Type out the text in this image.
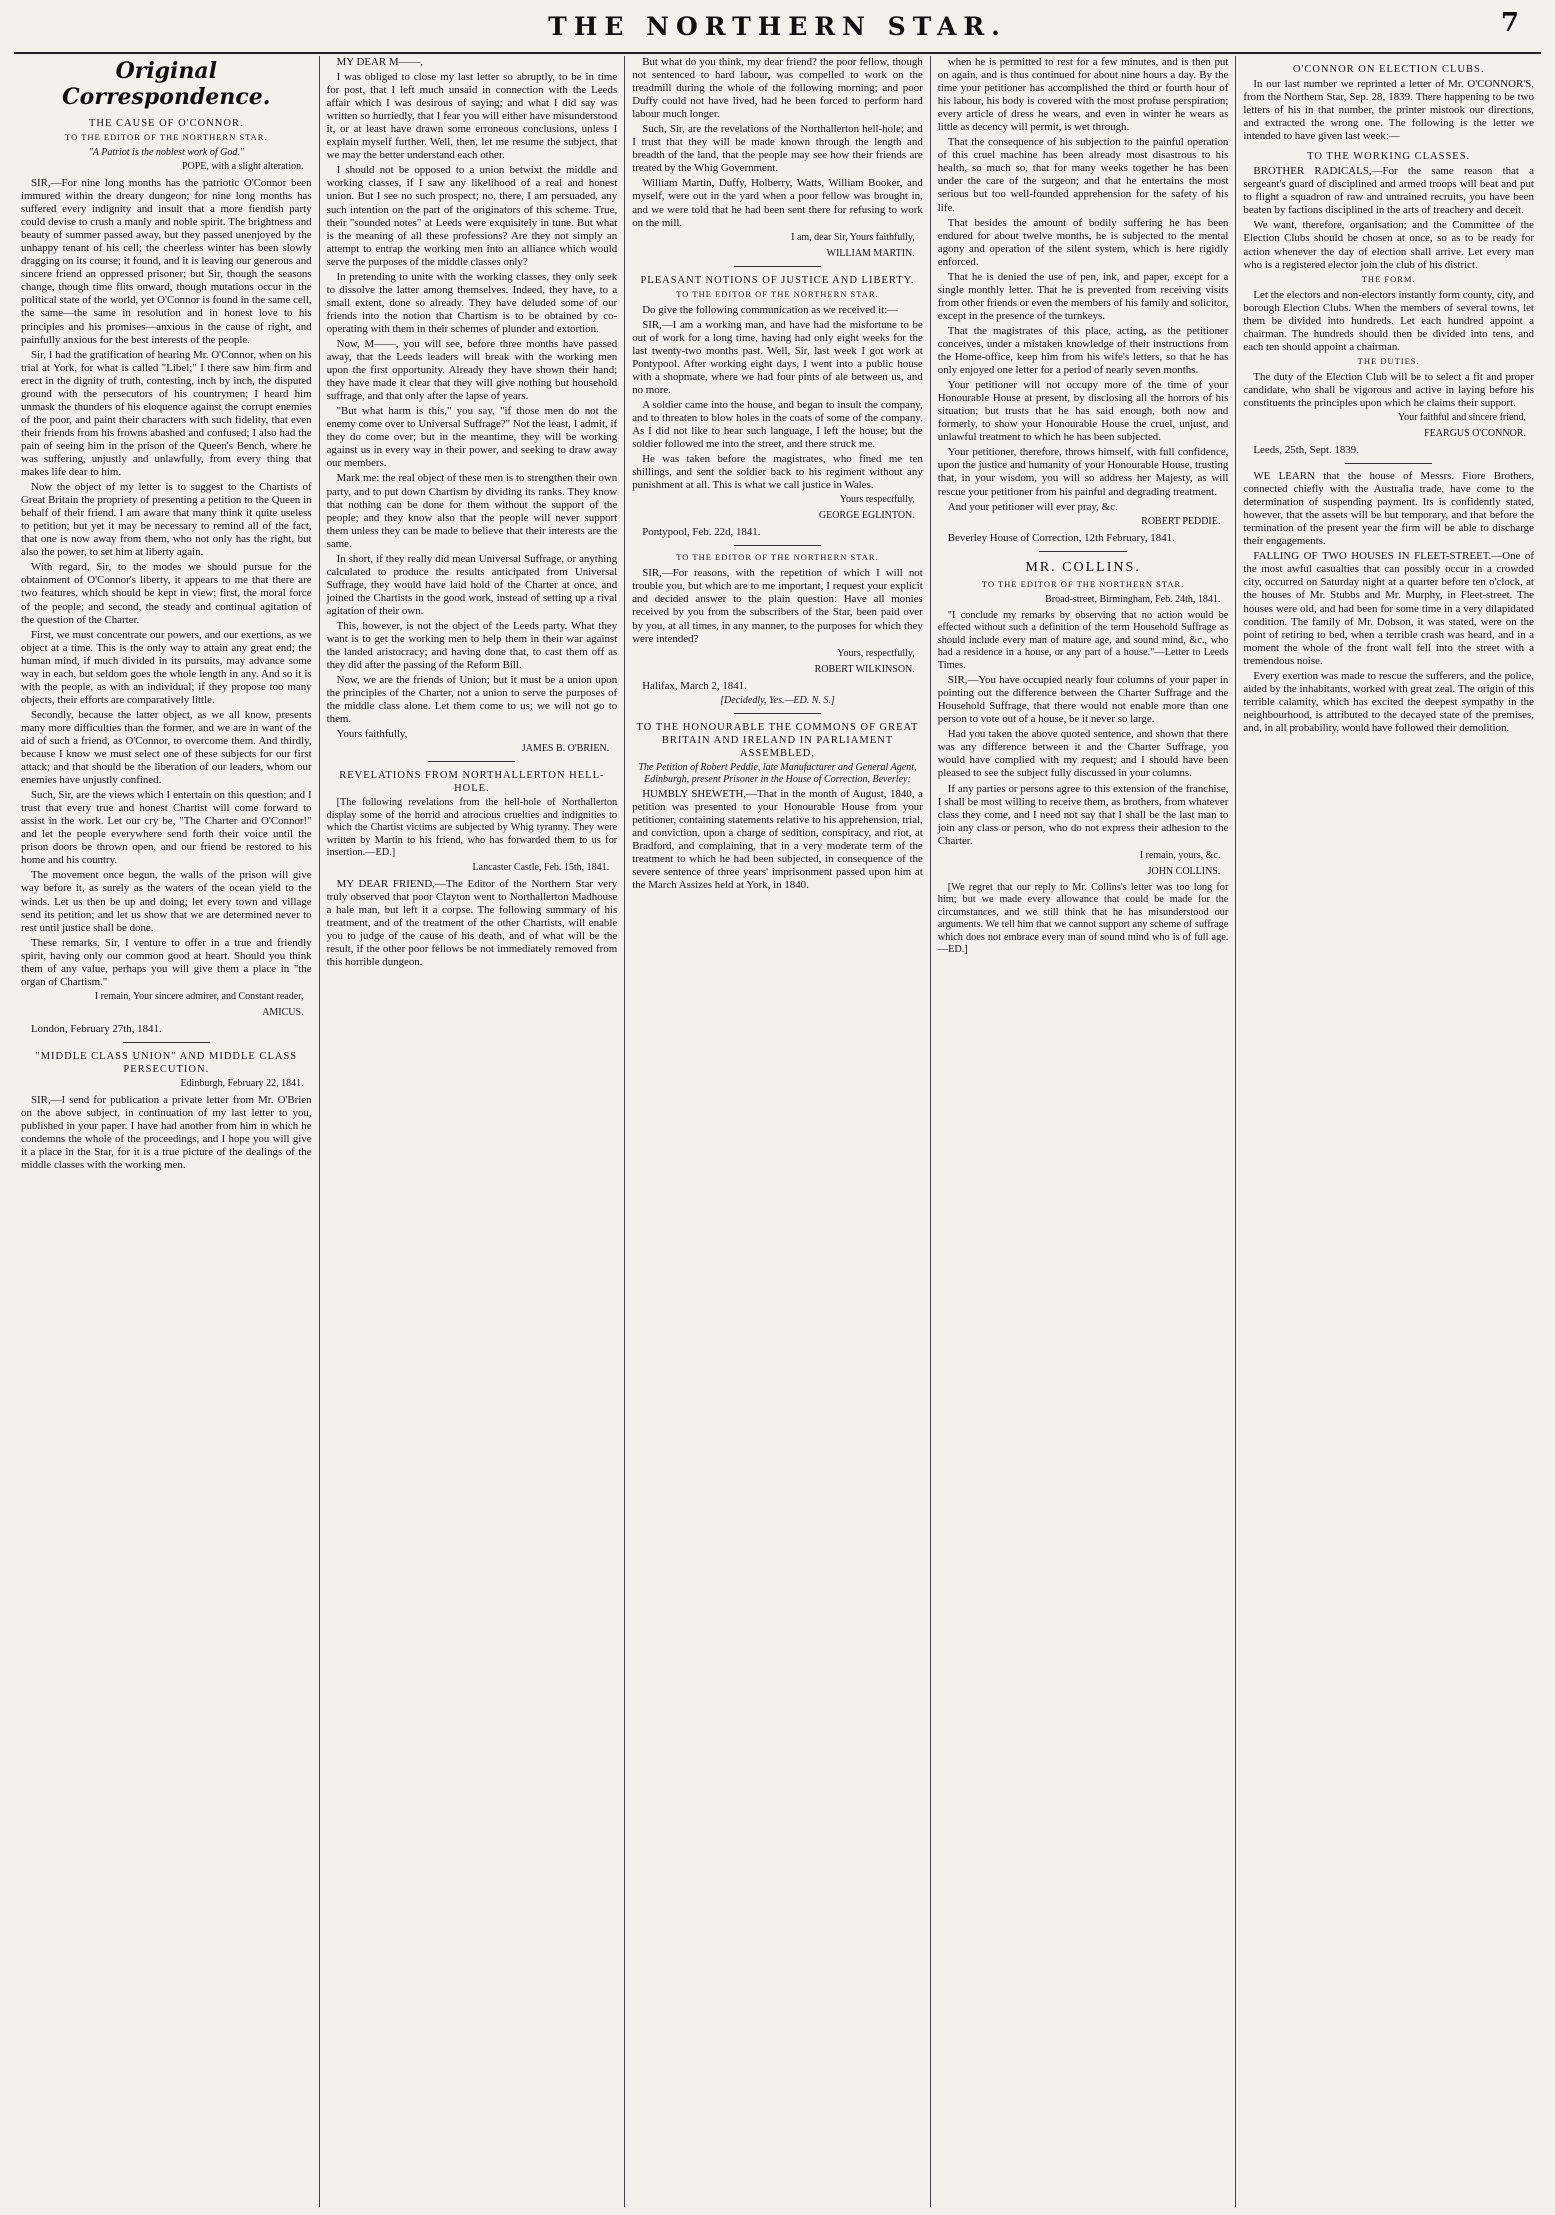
THE NORTHERN STAR.	7
Original Correspondence.
THE CAUSE OF O'CONNOR.
TO THE EDITOR OF THE NORTHERN STAR.
"A Patriot is the noblest work of God."
POPE, with a slight alteration.

SIR,—For nine long months has the patriotic O'Connor been immured within the dreary dungeon; for nine long months has suffered every indignity and insult that a more fiendish party could devise to crush a manly and noble spirit. The brightness and beauty of summer passed away, but they passed unenjoyed by the unhappy tenant of his cell; the cheerless winter has been slowly dragging on its course; it found, and it is leaving our generous and sincere friend an oppressed prisoner; but Sir, though the seasons change, though time flits onward, though mutations occur in the political state of the world, yet O'Connor is found in the same cell, the same—the same in resolution and in honest love to his principles and his promises—anxious in the cause of right, and painfully anxious for the best interests of the people.

Sir, I had the gratification of hearing Mr. O'Connor, when on his trial at York, for what is called "Libel;" I there saw him firm and erect in the dignity of truth, contesting, inch by inch, the disputed ground with the persecutors of his countrymen; I heard him unmask the thunders of his eloquence against the corrupt enemies of the poor, and paint their characters with such fidelity, that even their friends from his frowns abashed and confused; I also had the pain of seeing him in the prison of the Queen's Bench, where he was suffering, unjustly and unlawfully, from every thing that makes life dear to him.

Now the object of my letter is to suggest to the Chartists of Great Britain the propriety of presenting a petition to the Queen in behalf of their friend. I am aware that many think it quite useless to petition; but yet it may be necessary to remind all of the fact, that one is now away from them, who not only has the right, but also the power, to set him at liberty again.

With regard, Sir, to the modes we should pursue for the obtainment of O'Connor's liberty, it appears to me that there are two features, which should be kept in view; first, the moral force of the people; and second, the steady and continual agitation of the question of the Charter.

First, we must concentrate our powers, and our exertions, as we object at a time. This is the only way to attain any great end; the human mind, if much divided in its pursuits, may advance some way in each, but seldom goes the whole length in any. And so it is with the people, as with an individual; if they propose too many objects, their efforts are comparatively little.

Secondly, because the latter object, as we all know, presents many more difficulties than the former, and we are in want of the aid of such a friend, as O'Connor, to overcome them. And thirdly, because I know we must select one of these subjects for our first attack; and that should be the liberation of our leaders, whom our enemies have unjustly confined.

Such, Sir, are the views which I entertain on this question; and I trust that every true and honest Chartist will come forward to assist in the work. Let our cry be, "The Charter and O'Connor!" and let the people everywhere send forth their voice until the prison doors be thrown open, and our friend be restored to his home and his country.

The movement once begun, the walls of the prison will give way before it, as surely as the waters of the ocean yield to the winds. Let us then be up and doing; let every town and village send its petition; and let us show that we are determined never to rest until justice shall be done.

These remarks, Sir, I venture to offer in a true and friendly spirit, having only our common good at heart. Should you think them of any value, perhaps you will give them a place in "the organ of Chartism."

I remain, Your sincere admirer, and Constant reader,
AMICUS.

London, February 27th, 1841.

"MIDDLE CLASS UNION" AND MIDDLE CLASS PERSECUTION.
Edinburgh, February 22, 1841.

SIR,—I send for publication a private letter from Mr. O'Brien on the above subject, in continuation of my last letter to you, published in your paper. I have had another from him in which he condemns the whole of the proceedings, and I hope you will give it a place in the Star, for it is a true picture of the dealings of the middle classes with the working men.

MY DEAR M——,

I was obliged to close my last letter so abruptly, to be in time for post, that I left much unsaid in connection with the Leeds affair which I was desirous of saying; and what I did say was written so hurriedly, that I fear you will either have misunderstood it, or at least have drawn some erroneous conclusions, unless I explain myself further. Well, then, let me resume the subject, that we may the better understand each other.

I should not be opposed to a union betwixt the middle and working classes, if I saw any likelihood of a real and honest union. But I see no such prospect; no, there, I am persuaded, any such intention on the part of the originators of this scheme. True, their "sounded notes" at Leeds were exquisitely in tune. But what is the meaning of all these professions? Are they not simply an attempt to entrap the working men into an alliance which would serve the purposes of the middle classes only?

In pretending to unite with the working classes, they only seek to dissolve the latter among themselves. Indeed, they have, to a small extent, done so already. They have deluded some of our friends into the notion that Chartism is to be obtained by co-operating with them in their schemes of plunder and extortion.

Now, M——, you will see, before three months have passed away, that the Leeds leaders will break with the working men upon the first opportunity. Already they have shown their hand; they have made it clear that they will give nothing but household suffrage, and that only after the lapse of years.

"But what harm is this," you say, "if those men do not the enemy come over to Universal Suffrage?" Not the least, I admit, if they do come over; but in the meantime, they will be working against us in every way in their power, and seeking to draw away our members.

Mark me: the real object of these men is to strengthen their own party, and to put down Chartism by dividing its ranks. They know that nothing can be done for them without the support of the people; and they know also that the people will never support them unless they can be made to believe that their interests are the same.

In short, if they really did mean Universal Suffrage, or anything calculated to produce the results anticipated from Universal Suffrage, they would have laid hold of the Charter at once, and joined the Chartists in the good work, instead of setting up a rival agitation of their own.

This, however, is not the object of the Leeds party. What they want is to get the working men to help them in their war against the landed aristocracy; and having done that, to cast them off as they did after the passing of the Reform Bill.

Now, we are the friends of Union; but it must be a union upon the principles of the Charter, not a union to serve the purposes of the middle class alone. Let them come to us; we will not go to them.

Yours faithfully,

JAMES B. O'BRIEN.
REVELATIONS FROM NORTHALLERTON HELL-HOLE.

[The following revelations from the hell-hole of Northallerton display some of the horrid and atrocious cruelties and indignities to which the Chartist victims are subjected by Whig tyranny. They were written by Martin to his friend, who has forwarded them to us for insertion.—ED.]

Lancaster Castle, Feb. 15th, 1841.

MY DEAR FRIEND,—The Editor of the Northern Star very truly observed that poor Clayton went to Northallerton Madhouse a hale man, but left it a corpse. The following summary of his treatment, and of the treatment of the other Chartists, will enable you to judge of the cause of his death, and of what will be the result, if the other poor fellows be not immediately removed from this horrible dungeon.

But what do you think, my dear friend? the poor fellow, though not sentenced to hard labour, was compelled to work on the treadmill during the whole of the following morning; and poor Duffy could not have lived, had he been forced to perform hard labour much longer.

Such, Sir, are the revelations of the Northallerton hell-hole; and I trust that they will be made known through the length and breadth of the land, that the people may see how their friends are treated by the Whig Government.

William Martin, Duffy, Holberry, Watts, William Booker, and myself, were out in the yard when a poor fellow was brought in, and we were told that he had been sent there for refusing to work on the mill.

I am, dear Sir, Yours faithfully,
WILLIAM MARTIN.
PLEASANT NOTIONS OF JUSTICE AND LIBERTY.
TO THE EDITOR OF THE NORTHERN STAR.

Do give the following communication as we received it:—

SIR,—I am a working man, and have had the misfortune to be out of work for a long time, having had only eight weeks for the last twenty-two months past. Well, Sir, last week I got work at Pontypool. After working eight days, I went into a public house with a shopmate, where we had four pints of ale between us, and no more.

A soldier came into the house, and began to insult the company, and to threaten to blow holes in the coats of some of the company. As I did not like to hear such language, I left the house; but the soldier followed me into the street, and there struck me.

He was taken before the magistrates, who fined me ten shillings, and sent the soldier back to his regiment without any punishment at all. This is what we call justice in Wales.

Yours respectfully,
GEORGE EGLINTON.

Pontypool, Feb. 22d, 1841.

TO THE EDITOR OF THE NORTHERN STAR.

SIR,—For reasons, with the repetition of which I will not trouble you, but which are to me important, I request your explicit and decided answer to the plain question: Have all monies received by you from the subscribers of the Star, been paid over by you, at all times, in any manner, to the purposes for which they were intended?

Yours, respectfully,
ROBERT WILKINSON.

Halifax, March 2, 1841.

[Decidedly, Yes.—ED. N. S.]
TO THE HONOURABLE THE COMMONS OF GREAT BRITAIN AND IRELAND IN PARLIAMENT ASSEMBLED,
The Petition of Robert Peddie, late Manufacturer and General Agent, Edinburgh, present Prisoner in the House of Correction, Beverley;

HUMBLY SHEWETH,—That in the month of August, 1840, a petition was presented to your Honourable House from your petitioner, containing statements relative to his apprehension, trial, and conviction, upon a charge of sedition, conspiracy, and riot, at Bradford, and complaining, that in a very moderate term of the treatment to which he had been subjected, in consequence of the severe sentence of three years' imprisonment passed upon him at the March Assizes held at York, in 1840.

when he is permitted to rest for a few minutes, and is then put on again, and is thus continued for about nine hours a day. By the time your petitioner has accomplished the third or fourth hour of his labour, his body is covered with the most profuse perspiration; every article of dress he wears, and even in winter he wears as little as decency will permit, is wet through.

That the consequence of his subjection to the painful operation of this cruel machine has been already most disastrous to his health, so much so, that for many weeks together he has been under the care of the surgeon; and that he entertains the most serious but too well-founded apprehension for the safety of his life.

That besides the amount of bodily suffering he has been endured for about twelve months, he is subjected to the mental agony and operation of the silent system, which is here rigidly enforced.

That he is denied the use of pen, ink, and paper, except for a single monthly letter. That he is prevented from receiving visits from other friends or even the members of his family and solicitor, except in the presence of the turnkeys.

That the magistrates of this place, acting, as the petitioner conceives, under a mistaken knowledge of their instructions from the Home-office, keep him from his wife's letters, so that he has only enjoyed one letter for a period of nearly seven months.

Your petitioner will not occupy more of the time of your Honourable House at present, by disclosing all the horrors of his situation; but trusts that he has said enough, both now and formerly, to show your Honourable House the cruel, unjust, and unlawful treatment to which he has been subjected.

Your petitioner, therefore, throws himself, with full confidence, upon the justice and humanity of your Honourable House, trusting that, in your wisdom, you will so address her Majesty, as will rescue your petitioner from his painful and degrading treatment.

And your petitioner will ever pray, &c.

ROBERT PEDDIE.

Beverley House of Correction, 12th February, 1841.

MR. COLLINS.
TO THE EDITOR OF THE NORTHERN STAR.
Broad-street, Birmingham, Feb. 24th, 1841.

"I conclude my remarks by observing that no action would be effected without such a definition of the term Household Suffrage as should include every man of mature age, and sound mind, &c., who had a residence in a house, or any part of a house."—Letter to Leeds Times.

SIR,—You have occupied nearly four columns of your paper in pointing out the difference between the Charter Suffrage and the Household Suffrage, that there would not enable more than one person to vote out of a house, be it never so large.

Had you taken the above quoted sentence, and shown that there was any difference between it and the Charter Suffrage, you would have complied with my request; and I should have been pleased to see the subject fully discussed in your columns.

If any parties or persons agree to this extension of the franchise, I shall be most willing to receive them, as brothers, from whatever class they come, and I need not say that I shall be the last man to join any class or person, who do not express their adhesion to the Charter.

I remain, yours, &c.
JOHN COLLINS.

[We regret that our reply to Mr. Collins's letter was too long for him; but we made every allowance that could be made for the circumstances, and we still think that he has misunderstood our arguments. We tell him that we cannot support any scheme of suffrage which does not embrace every man of sound mind who is of full age.—ED.]

O'CONNOR ON ELECTION CLUBS.

In our last number we reprinted a letter of Mr. O'CONNOR'S, from the Northern Star, Sep. 28, 1839. There happening to be two letters of his in that number, the printer mistook our directions, and extracted the wrong one. The following is the letter we intended to have given last week:—

TO THE WORKING CLASSES.

BROTHER RADICALS,—For the same reason that a sergeant's guard of disciplined and armed troops will beat and put to flight a squadron of raw and untrained recruits, you have been beaten by factions disciplined in the arts of treachery and deceit.

We want, therefore, organisation; and the Committee of the Election Clubs should be chosen at once, so as to be ready for action whenever the day of election shall arrive. Let every man who is a registered elector join the club of his district.

THE FORM.

Let the electors and non-electors instantly form county, city, and borough Election Clubs. When the members of several towns, let them be divided into hundreds. Let each hundred appoint a chairman. The hundreds should then be divided into tens, and each ten should appoint a chairman.

THE DUTIES.

The duty of the Election Club will be to select a fit and proper candidate, who shall be vigorous and active in laying before his constituents the principles upon which he claims their support.

Your faithful and sincere friend,
FEARGUS O'CONNOR.

Leeds, 25th, Sept. 1839.

WE LEARN that the house of Messrs. Fiore Brothers, connected chiefly with the Australia trade, have come to the determination of suspending payment. Its is confidently stated, however, that the assets will be but temporary, and that before the termination of the present year the firm will be able to discharge their engagements.

FALLING OF TWO HOUSES IN FLEET-STREET.—One of the most awful casualties that can possibly occur in a crowded city, occurred on Saturday night at a quarter before ten o'clock, at the houses of Mr. Stubbs and Mr. Murphy, in Fleet-street. The houses were old, and had been for some time in a very dilapidated condition. The family of Mr. Dobson, it was stated, were on the point of retiring to bed, when a terrible crash was heard, and in a moment the whole of the front wall fell into the street with a tremendous noise.

Every exertion was made to rescue the sufferers, and the police, aided by the inhabitants, worked with great zeal. The origin of this terrible calamity, which has excited the deepest sympathy in the neighbourhood, is attributed to the decayed state of the premises, and, in all probability, would have followed their demolition.
